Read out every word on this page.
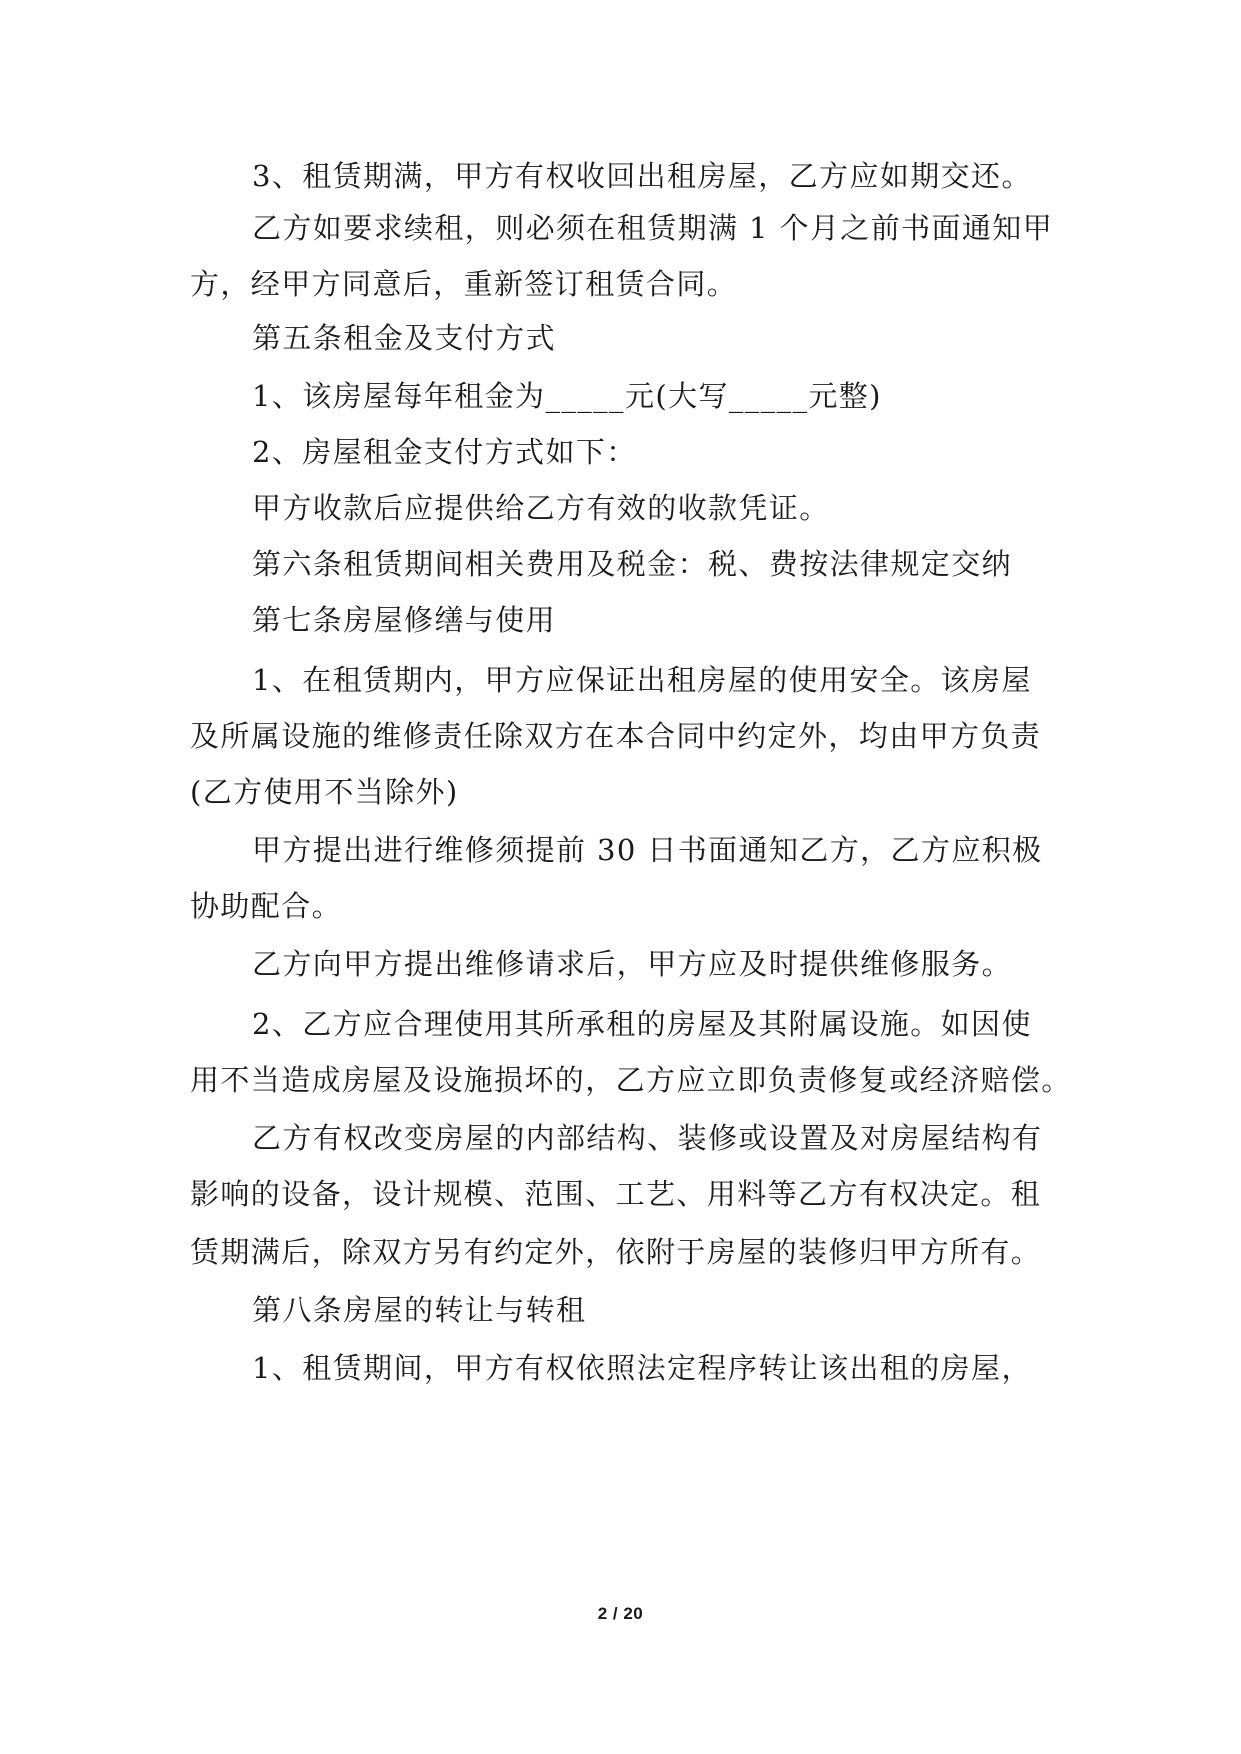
3、租赁期满，甲方有权收回出租房屋，乙方应如期交还。
乙方如要求续租，则必须在租赁期满 1 个月之前书面通知甲
方，经甲方同意后，重新签订租赁合同。
第五条租金及支付方式
1、该房屋每年租金为_____元(大写_____元整)
2、房屋租金支付方式如下：
甲方收款后应提供给乙方有效的收款凭证。
第六条租赁期间相关费用及税金：税、费按法律规定交纳
第七条房屋修缮与使用
1、在租赁期内，甲方应保证出租房屋的使用安全。该房屋
及所属设施的维修责任除双方在本合同中约定外，均由甲方负责
(乙方使用不当除外)
甲方提出进行维修须提前 30 日书面通知乙方，乙方应积极
协助配合。
乙方向甲方提出维修请求后，甲方应及时提供维修服务。
2、乙方应合理使用其所承租的房屋及其附属设施。如因使
用不当造成房屋及设施损坏的，乙方应立即负责修复或经济赔偿。
乙方有权改变房屋的内部结构、装修或设置及对房屋结构有
影响的设备，设计规模、范围、工艺、用料等乙方有权决定。租
赁期满后，除双方另有约定外，依附于房屋的装修归甲方所有。
第八条房屋的转让与转租
1、租赁期间，甲方有权依照法定程序转让该出租的房屋，
2 / 20
